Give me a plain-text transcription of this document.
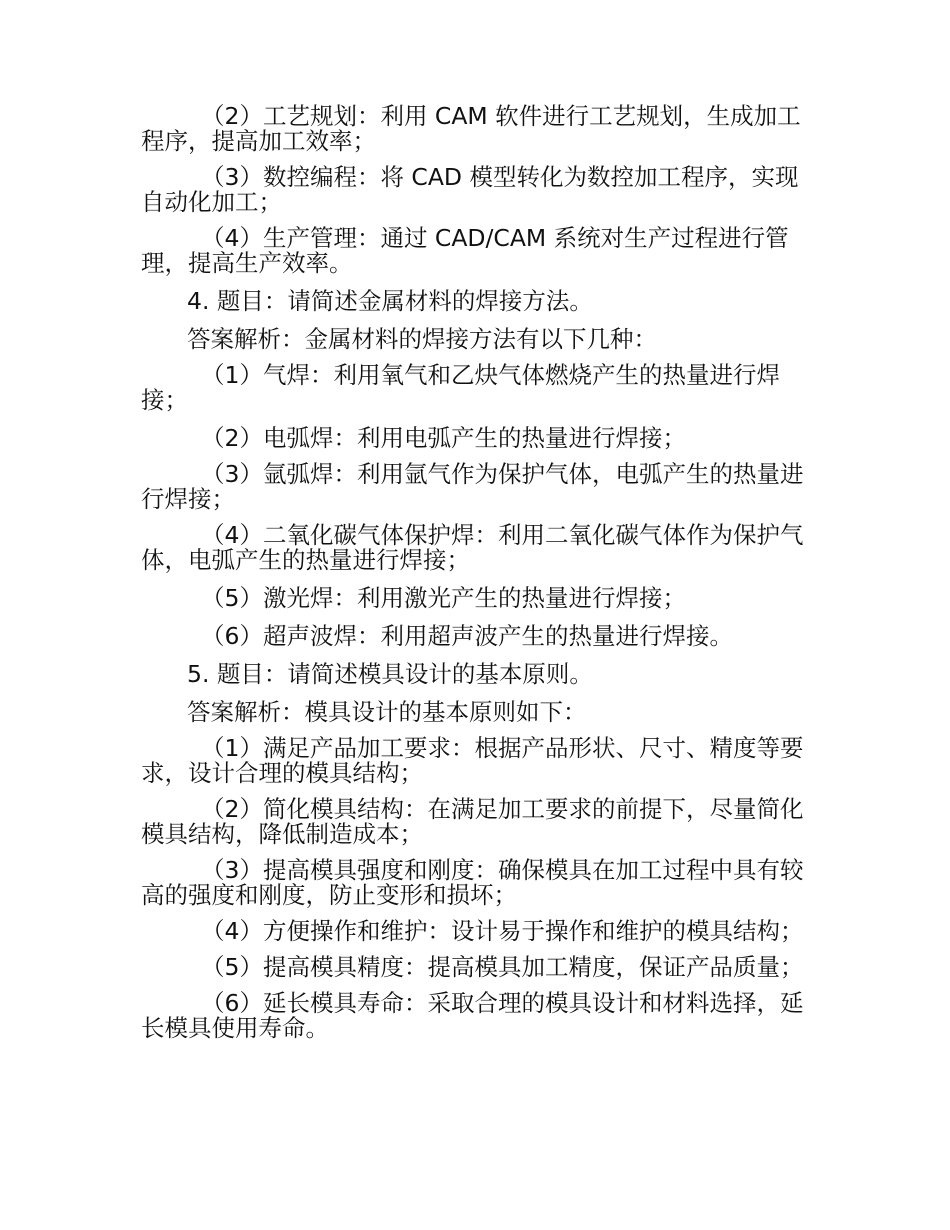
（2）工艺规划：利用 CAM 软件进行工艺规划，生成加工程序，提高加工效率；

（3）数控编程：将 CAD 模型转化为数控加工程序，实现自动化加工；

（4）生产管理：通过 CAD/CAM 系统对生产过程进行管理，提高生产效率。

4. 题目：请简述金属材料的焊接方法。

答案解析：金属材料的焊接方法有以下几种：

（1）气焊：利用氧气和乙炔气体燃烧产生的热量进行焊接；

（2）电弧焊：利用电弧产生的热量进行焊接；

（3）氩弧焊：利用氩气作为保护气体，电弧产生的热量进行焊接；

（4）二氧化碳气体保护焊：利用二氧化碳气体作为保护气体，电弧产生的热量进行焊接；

（5）激光焊：利用激光产生的热量进行焊接；

（6）超声波焊：利用超声波产生的热量进行焊接。

5. 题目：请简述模具设计的基本原则。

答案解析：模具设计的基本原则如下：

（1）满足产品加工要求：根据产品形状、尺寸、精度等要求，设计合理的模具结构；

（2）简化模具结构：在满足加工要求的前提下，尽量简化模具结构，降低制造成本；

（3）提高模具强度和刚度：确保模具在加工过程中具有较高的强度和刚度，防止变形和损坏；

（4）方便操作和维护：设计易于操作和维护的模具结构；

（5）提高模具精度：提高模具加工精度，保证产品质量；

（6）延长模具寿命：采取合理的模具设计和材料选择，延长模具使用寿命。
